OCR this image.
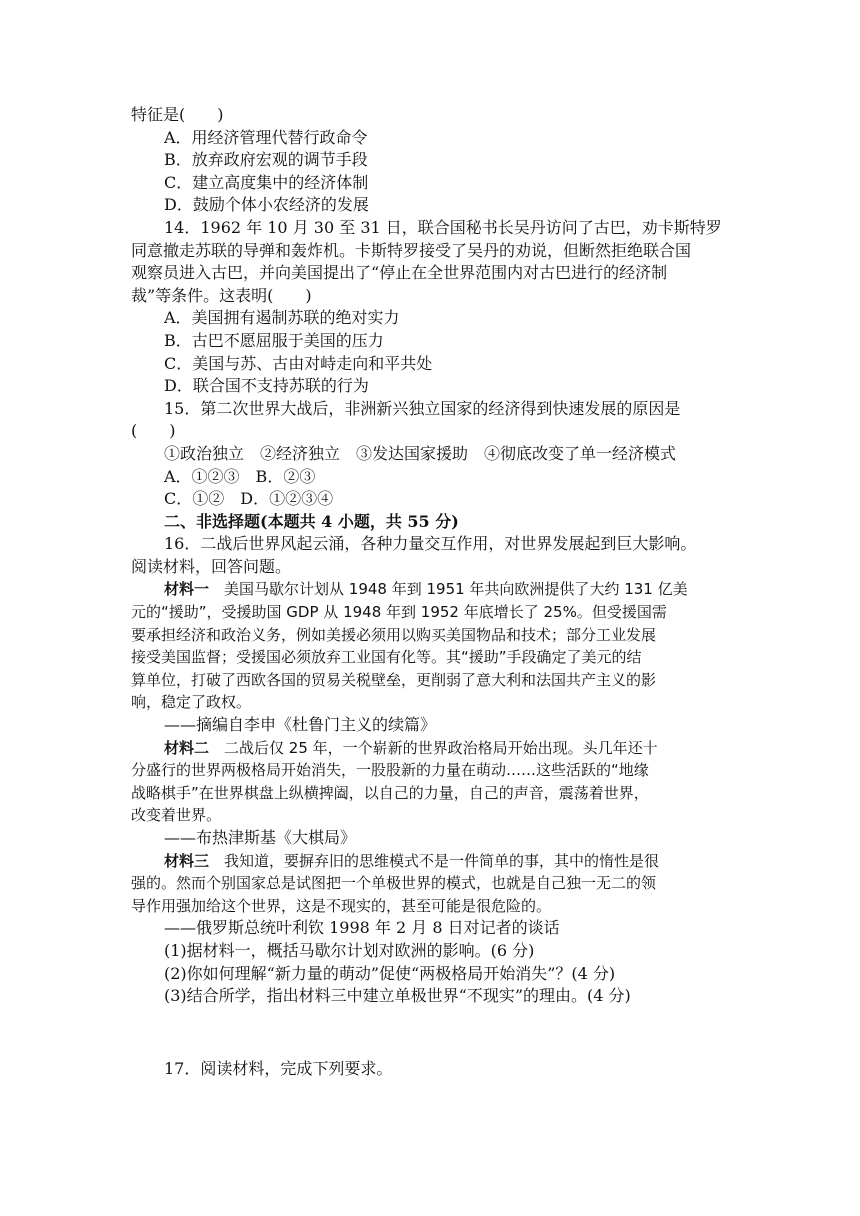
特征是(　　)
A．用经济管理代替行政命令
B．放弃政府宏观的调节手段
C．建立高度集中的经济体制
D．鼓励个体小农经济的发展
14．1962 年 10 月 30 至 31 日，联合国秘书长吴丹访问了古巴，劝卡斯特罗
同意撤走苏联的导弹和轰炸机。卡斯特罗接受了吴丹的劝说，但断然拒绝联合国
观察员进入古巴，并向美国提出了“停止在全世界范围内对古巴进行的经济制
裁”等条件。这表明(　　)
A．美国拥有遏制苏联的绝对实力
B．古巴不愿屈服于美国的压力
C．美国与苏、古由对峙走向和平共处
D．联合国不支持苏联的行为
15．第二次世界大战后，非洲新兴独立国家的经济得到快速发展的原因是
(　　)
①政治独立　②经济独立　③发达国家援助　④彻底改变了单一经济模式
A．①②③　B．②③
C．①②　D．①②③④
二、非选择题(本题共 4 小题，共 55 分)
16．二战后世界风起云涌，各种力量交互作用，对世界发展起到巨大影响。
阅读材料，回答问题。
材料一　美国马歇尔计划从 1948 年到 1951 年共向欧洲提供了大约 131 亿美
元的“援助”，受援助国 GDP 从 1948 年到 1952 年底增长了 25%。但受援国需
要承担经济和政治义务，例如美援必须用以购买美国物品和技术；部分工业发展
接受美国监督；受援国必须放弃工业国有化等。其“援助”手段确定了美元的结
算单位，打破了西欧各国的贸易关税壁垒，更削弱了意大利和法国共产主义的影
响，稳定了政权。
——摘编自李申《杜鲁门主义的续篇》
材料二　二战后仅 25 年，一个崭新的世界政治格局开始出现。头几年还十
分盛行的世界两极格局开始消失，一股股新的力量在萌动……这些活跃的“地缘
战略棋手”在世界棋盘上纵横捭阖，以自己的力量，自己的声音，震荡着世界，
改变着世界。
——布热津斯基《大棋局》
材料三　我知道，要摒弃旧的思维模式不是一件简单的事，其中的惰性是很
强的。然而个别国家总是试图把一个单极世界的模式，也就是自己独一无二的领
导作用强加给这个世界，这是不现实的，甚至可能是很危险的。
——俄罗斯总统叶利钦 1998 年 2 月 8 日对记者的谈话
(1)据材料一，概括马歇尔计划对欧洲的影响。(6 分)
(2)你如何理解“新力量的萌动”促使“两极格局开始消失”？(4 分)
(3)结合所学，指出材料三中建立单极世界“不现实”的理由。(4 分)
17．阅读材料，完成下列要求。
